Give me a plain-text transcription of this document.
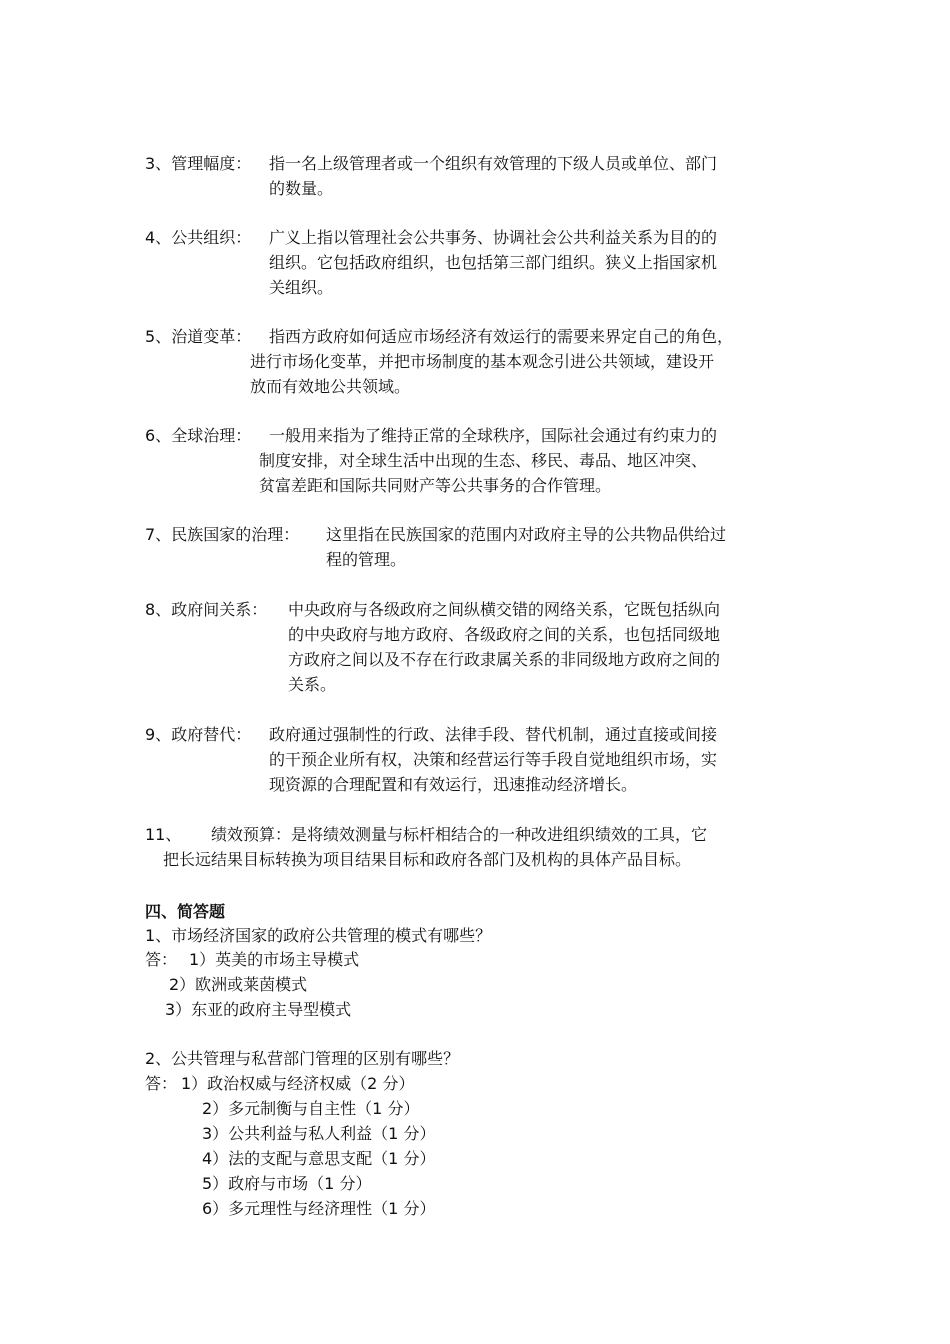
3、管理幅度： 指一名上级管理者或一个组织有效管理的下级人员或单位、部门
的数量。
4、公共组织： 广义上指以管理社会公共事务、协调社会公共利益关系为目的的
组织。它包括政府组织，也包括第三部门组织。狭义上指国家机
关组织。
5、治道变革： 指西方政府如何适应市场经济有效运行的需要来界定自己的角色，
进行市场化变革，并把市场制度的基本观念引进公共领域，建设开
放而有效地公共领域。
6、全球治理： 一般用来指为了维持正常的全球秩序，国际社会通过有约束力的
制度安排，对全球生活中出现的生态、移民、毒品、地区冲突、
贫富差距和国际共同财产等公共事务的合作管理。
7、民族国家的治理： 这里指在民族国家的范围内对政府主导的公共物品供给过
程的管理。
8、政府间关系： 中央政府与各级政府之间纵横交错的网络关系，它既包括纵向
的中央政府与地方政府、各级政府之间的关系，也包括同级地
方政府之间以及不存在行政隶属关系的非同级地方政府之间的
关系。
9、政府替代： 政府通过强制性的行政、法律手段、替代机制，通过直接或间接
的干预企业所有权，决策和经营运行等手段自觉地组织市场，实
现资源的合理配置和有效运行，迅速推动经济增长。
11、 绩效预算：是将绩效测量与标杆相结合的一种改进组织绩效的工具，它
把长远结果目标转换为项目结果目标和政府各部门及机构的具体产品目标。
四、简答题
1、市场经济国家的政府公共管理的模式有哪些？
答： 1）英美的市场主导模式
2）欧洲或莱茵模式
3）东亚的政府主导型模式
2、公共管理与私营部门管理的区别有哪些？
答： 1）政治权威与经济权威（2 分）
2）多元制衡与自主性（1 分）
3）公共利益与私人利益（1 分）
4）法的支配与意思支配（1 分）
5）政府与市场（1 分）
6）多元理性与经济理性（1 分）
